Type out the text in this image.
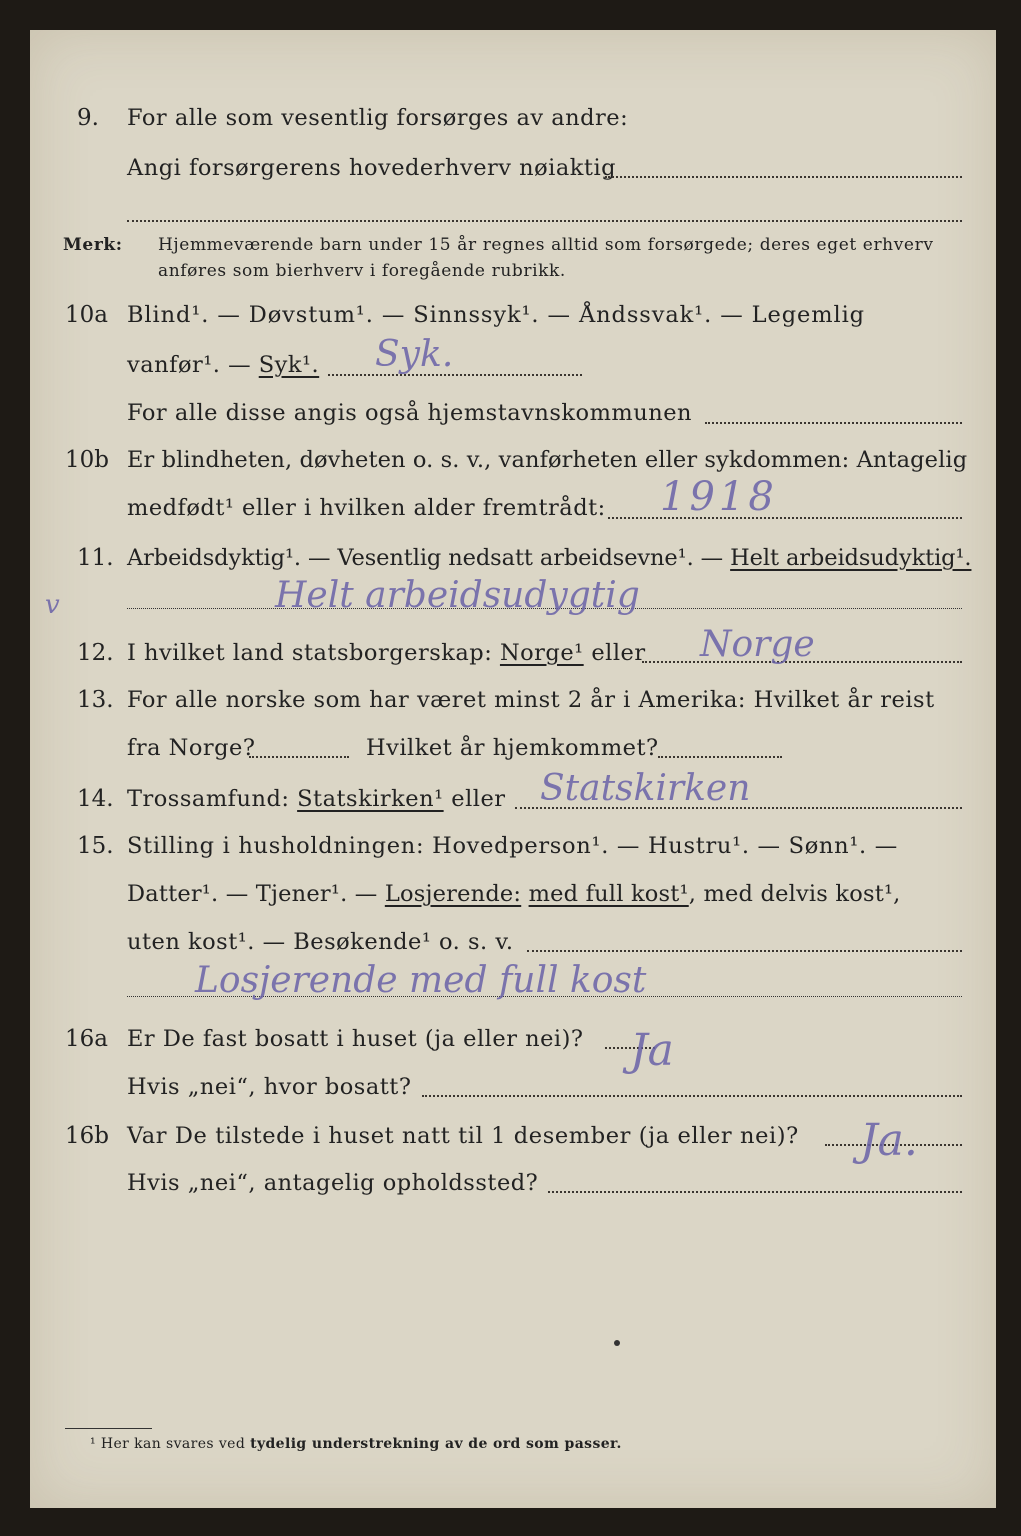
9. For alle som vesentlig forsørges av andre:
Angi forsørgerens hovederhverv nøiaktig
Merk: Hjemmeværende barn under 15 år regnes alltid som forsørgede; deres eget erhverv
anføres som bierhverv i foregående rubrikk.
10a Blind¹. — Døvstum¹. — Sinnssyk¹. — Åndssvak¹. — Legemlig
vanfør¹. — Syk¹. Syk.
For alle disse angis også hjemstavnskommunen
10b Er blindheten, døvheten o. s. v., vanførheten eller sykdommen: Antagelig
medfødt¹ eller i hvilken alder fremtrådt: 1918
11. Arbeidsdyktig¹. — Vesentlig nedsatt arbeidsevne¹. — Helt arbeidsudyktig¹.
v	Helt arbeidsudygtig
12. I hvilket land statsborgerskap: Norge¹ eller Norge
13. For alle norske som har været minst 2 år i Amerika: Hvilket år reist
fra Norge?	Hvilket år hjemkommet?
14. Trossamfund: Statskirken¹ eller Statskirken
15. Stilling i husholdningen: Hovedperson¹. — Hustru¹. — Sønn¹. —
Datter¹. — Tjener¹. — Losjerende: med full kost¹, med delvis kost¹,
uten kost¹. — Besøkende¹ o. s. v.
Losjerende med full kost
16a Er De fast bosatt i huset (ja eller nei)? Ja
Hvis „nei“, hvor bosatt?
16b Var De tilstede i huset natt til 1 desember (ja eller nei)? Ja.
Hvis „nei“, antagelig opholdssted?
¹ Her kan svares ved tydelig understrekning av de ord som passer.
